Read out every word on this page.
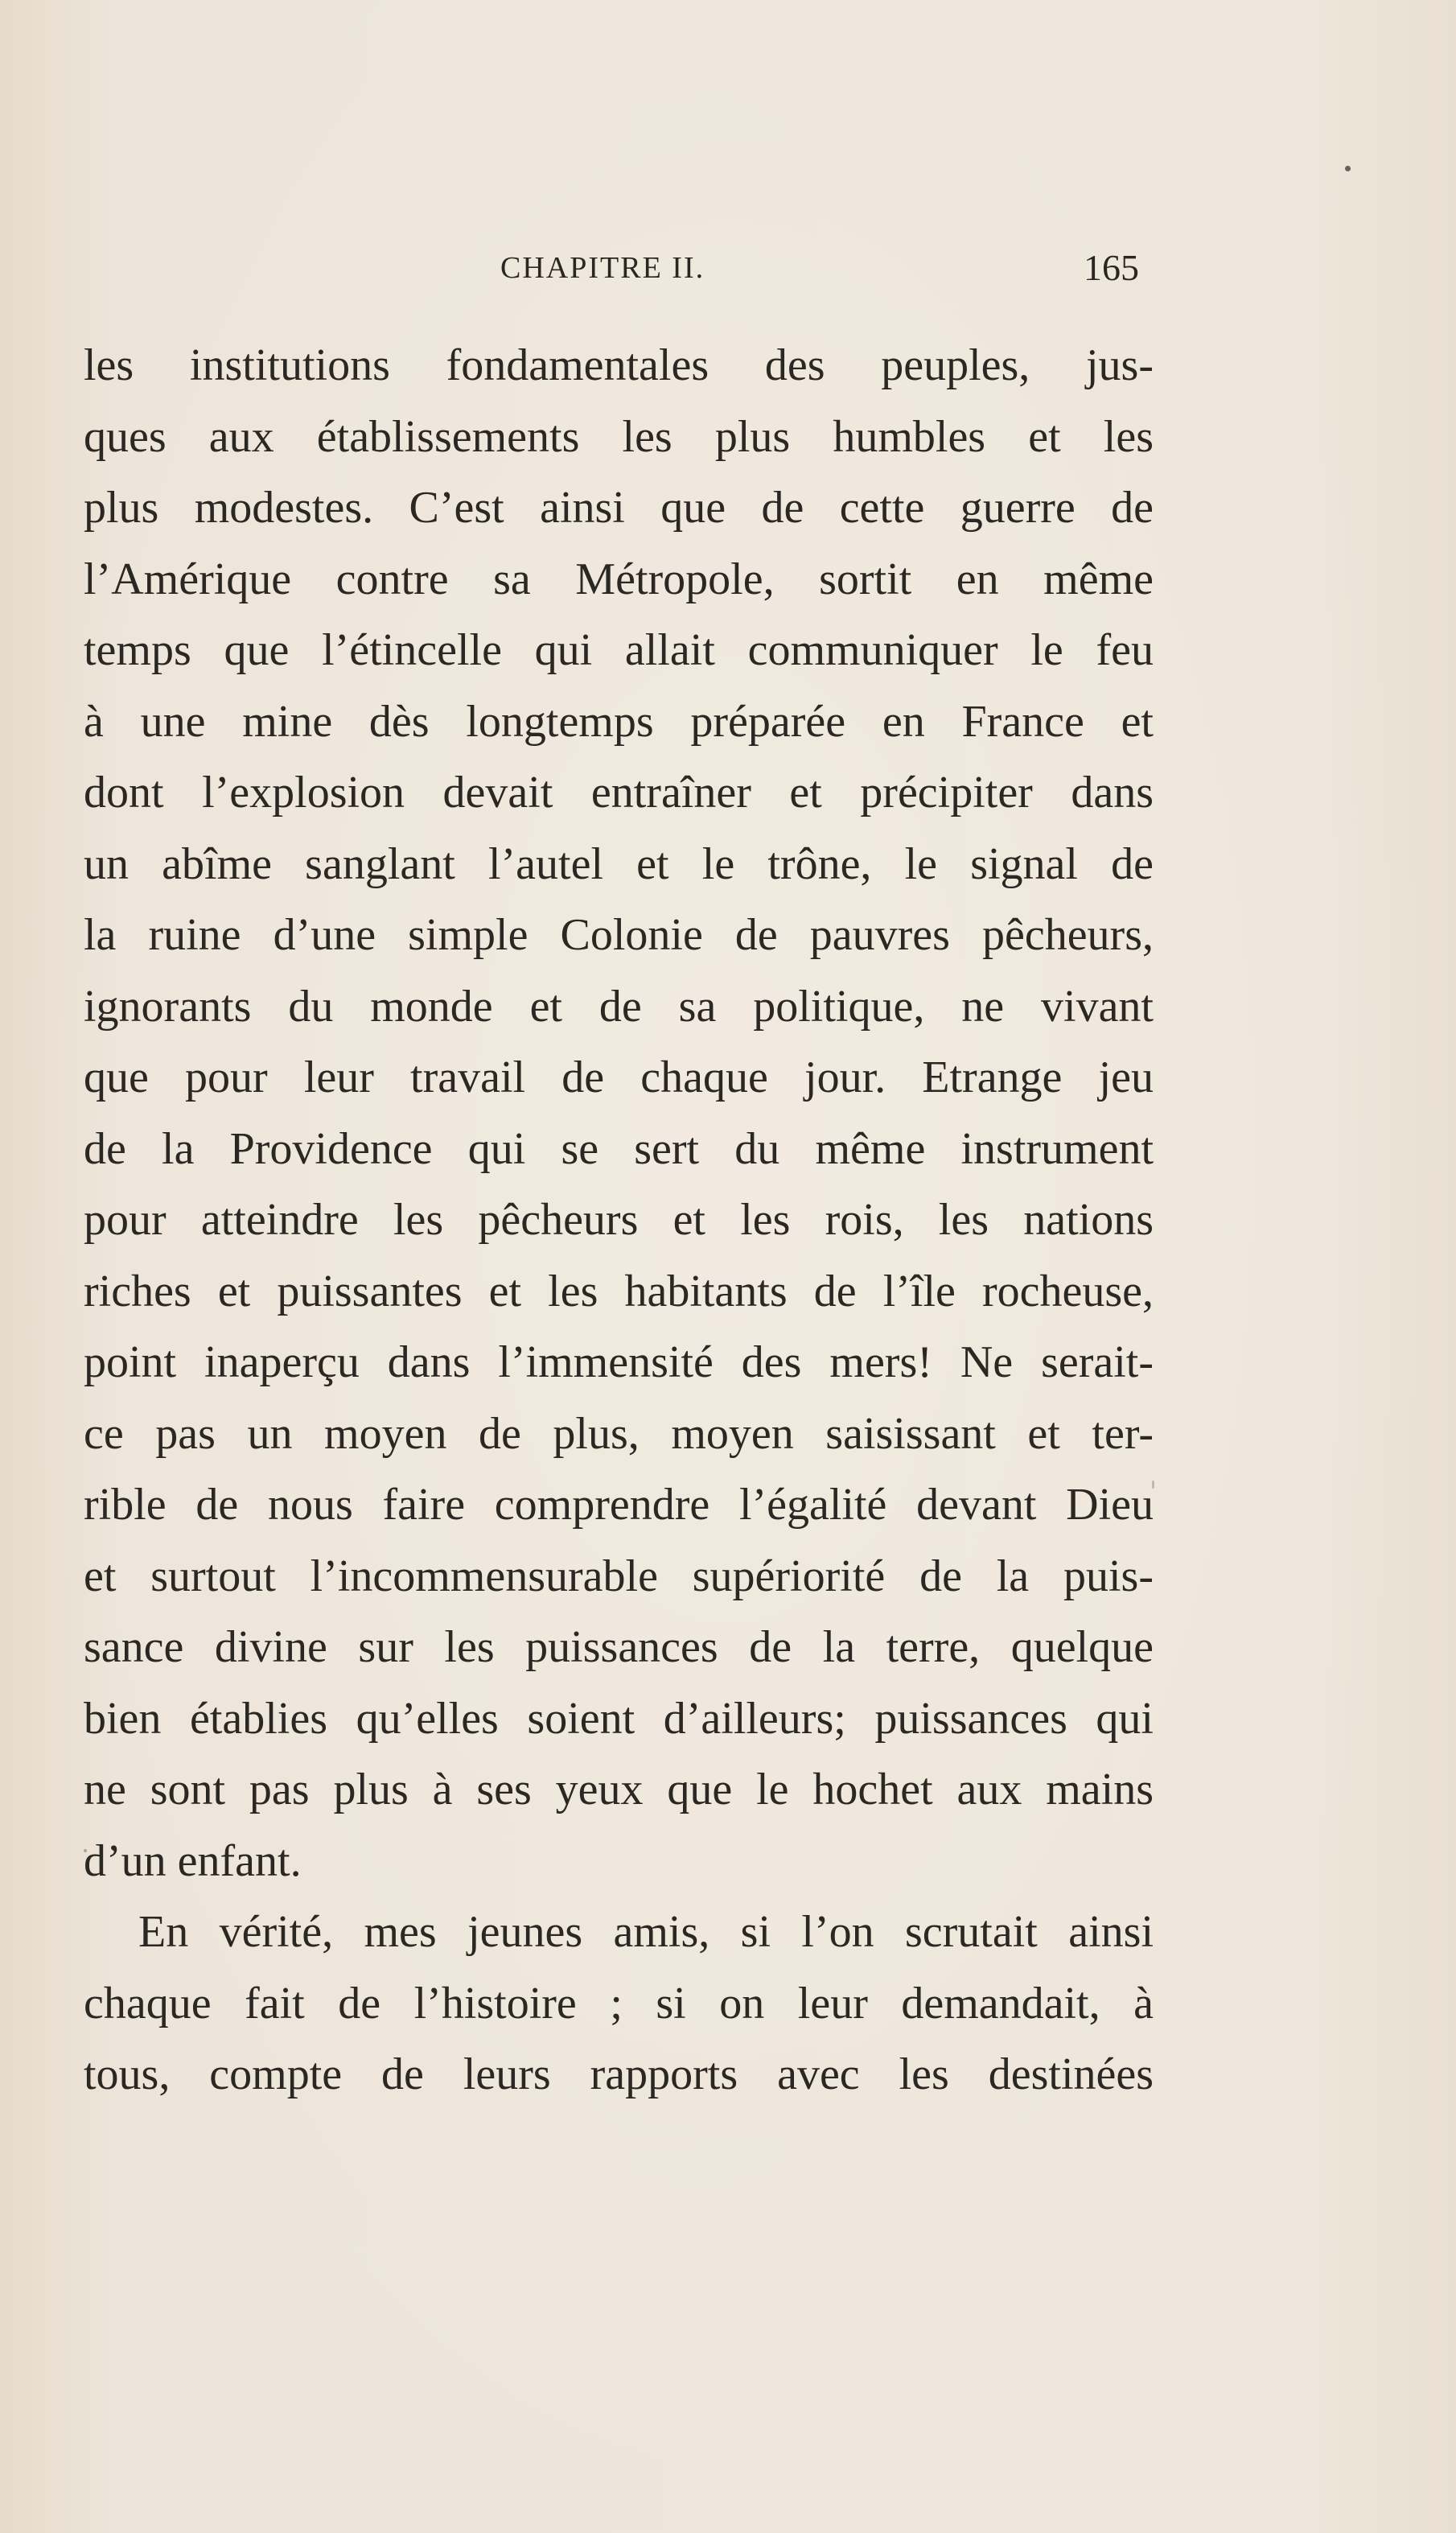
CHAPITRE II.	165
les institutions fondamentales des peuples, jus-
ques aux établissements les plus humbles et les
plus modestes. C’est ainsi que de cette guerre de
l’Amérique contre sa Métropole, sortit en même
temps que l’étincelle qui allait communiquer le feu
à une mine dès longtemps préparée en France et
dont l’explosion devait entraîner et précipiter dans
un abîme sanglant l’autel et le trône, le signal de
la ruine d’une simple Colonie de pauvres pêcheurs,
ignorants du monde et de sa politique, ne vivant
que pour leur travail de chaque jour. Etrange jeu
de la Providence qui se sert du même instrument
pour atteindre les pêcheurs et les rois, les nations
riches et puissantes et les habitants de l’île rocheuse,
point inaperçu dans l’immensité des mers! Ne serait-
ce pas un moyen de plus, moyen saisissant et ter-
rible de nous faire comprendre l’égalité devant Dieu
et surtout l’incommensurable supériorité de la puis-
sance divine sur les puissances de la terre, quelque
bien établies qu’elles soient d’ailleurs; puissances qui
ne sont pas plus à ses yeux que le hochet aux mains
d’un enfant.
En vérité, mes jeunes amis, si l’on scrutait ainsi
chaque fait de l’histoire ; si on leur demandait, à
tous, compte de leurs rapports avec les destinées
